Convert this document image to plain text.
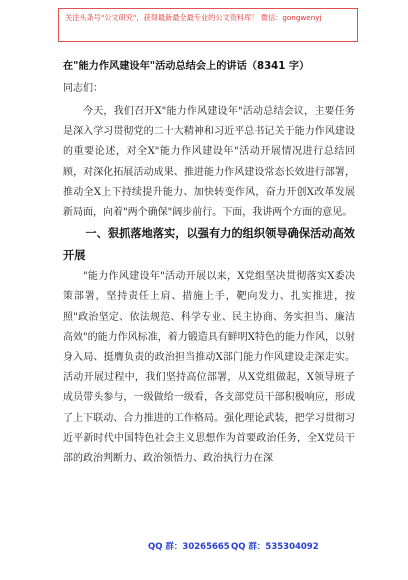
关注头条号"公文研究"，获得最新最全最专业的公文资料库！ 微信：gongwenyj
在"能力作风建设年"活动总结会上的讲话（8341 字）
同志们：

今天，我们召开X"能力作风建设年"活动总结会议，主要任务是深入学习贯彻党的二十大精神和习近平总书记关于能力作风建设的重要论述，对全X"能力作风建设年"活动开展情况进行总结回顾，对深化拓展活动成果、推进能力作风建设常态长效进行部署，推动全X上下持续提升能力、加快转变作风，奋力开创X改革发展新局面，向着"两个确保"阔步前行。下面，我讲两个方面的意见。

一、狠抓落地落实，以强有力的组织领导确保活动高效开展

"能力作风建设年"活动开展以来，X党组坚决贯彻落实X委决策部署，坚持责任上肩、措施上手，靶向发力、扎实推进，按照"政治坚定、依法规范、科学专业、民主协商、务实担当、廉洁高效"的能力作风标准，着力锻造具有鲜明X特色的能力作风，以射身入局、挺膺负责的政治担当推动X部门能力作风建设走深走实。活动开展过程中，我们坚持高位部署，从X党组做起，X领导班子成员带头参与，一级做给一级看，各支部党员干部积极响应，形成了上下联动、合力推进的工作格局。强化理论武装，把学习贯彻习近平新时代中国特色社会主义思想作为首要政治任务，全X党员干部的政治判断力、政治领悟力、政治执行力在深

QQ 群：30265665 QQ 群：535304092
